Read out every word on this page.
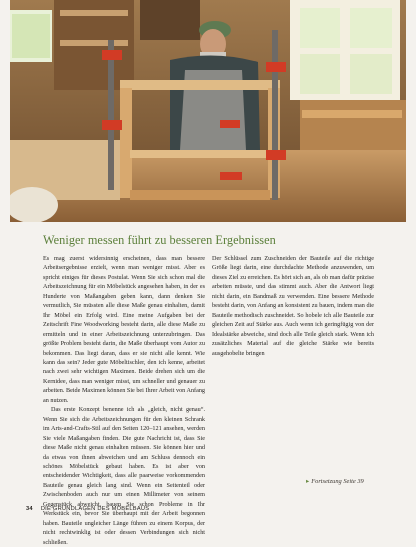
Weniger messen führt zu besseren Ergebnissen

Es mag zuerst widersinnig erscheinen, dass man bessere Arbeitsergebnisse erzielt, wenn man weniger misst. Aber es spricht einiges für dieses Postulat. Wenn Sie sich schon mal die Arbeitszeichnung für ein Möbelstück angesehen haben, in der es Hunderte von Maßangaben geben kann, dann denken Sie vermutlich, Sie müssten alle diese Maße genau einhalten, damit Ihr Möbel ein Erfolg wird. Eine meine Aufgaben bei der Zeitschrift Fine Woodworking besteht darin, alle diese Maße zu ermitteln und in einer Arbeitszeichnung unterzubringen. Das größte Problem besteht darin, die Maße überhaupt vom Autor zu bekommen. Das liegt daran, dass er sie nicht alle kennt. Wie kann das sein? Jeder gute Möbeltischler, den ich kenne, arbeitet nach zwei sehr wichtigen Maximen. Beide drehen sich um die Kernidee, dass man weniger misst, um schneller und genauer zu arbeiten. Beide Maximen können Sie bei Ihrer Arbeit von Anfang an nutzen.

Das erste Konzept benenne ich als „gleich, nicht genau“. Wenn Sie sich die Arbeitszeichnungen für den kleinen Schrank im Arts-and-Crafts-Stil auf den Seiten 120–121 ansehen, werden Sie viele Maßangaben finden. Die gute Nachricht ist, dass Sie diese Maße nicht genau einhalten müssen. Sie können hier und da etwas von ihnen abweichen und am Schluss dennoch ein schönes Möbelstück gebaut haben. Es ist aber von entscheidender Wichtigkeit, dass alle paarweise vorkommenden Bauteile genau gleich lang sind. Wenn ein Seitenteil oder Zwischenboden auch nur um einen Millimeter von seinem Gegenstück abweicht, bauen Sie schon Probleme in Ihr Werkstück ein, bevor Sie überhaupt mit der Arbeit begonnen haben. Bauteile ungleicher Länge führen zu einem Korpus, der nicht rechtwinklig ist oder dessen Verbindungen sich nicht schließen.

Der Schlüssel zum Zuschneiden der Bauteile auf die richtige Größe liegt darin, eine durchdachte Methode anzuwenden, um dieses Ziel zu erreichen. Es hört sich an, als ob man dafür präzise arbeiten müsste, und das stimmt auch. Aber die Antwort liegt nicht darin, ein Bandmaß zu verwenden. Eine bessere Methode besteht darin, von Anfang an konsistent zu bauen, indem man die Bauteile methodisch zuschneidet. So hobele ich alle Bauteile zur gleichen Zeit auf Stärke aus. Auch wenn ich geringfügig von der Idealstärke abweiche, sind doch alle Teile gleich stark. Wenn ich zusätzliches Material auf die gleiche Stärke wie bereits ausgehobelte bringen

▸ Fortsetzung Seite 39
34 DIE GRUNDLAGEN DES MÖBELBAUS
